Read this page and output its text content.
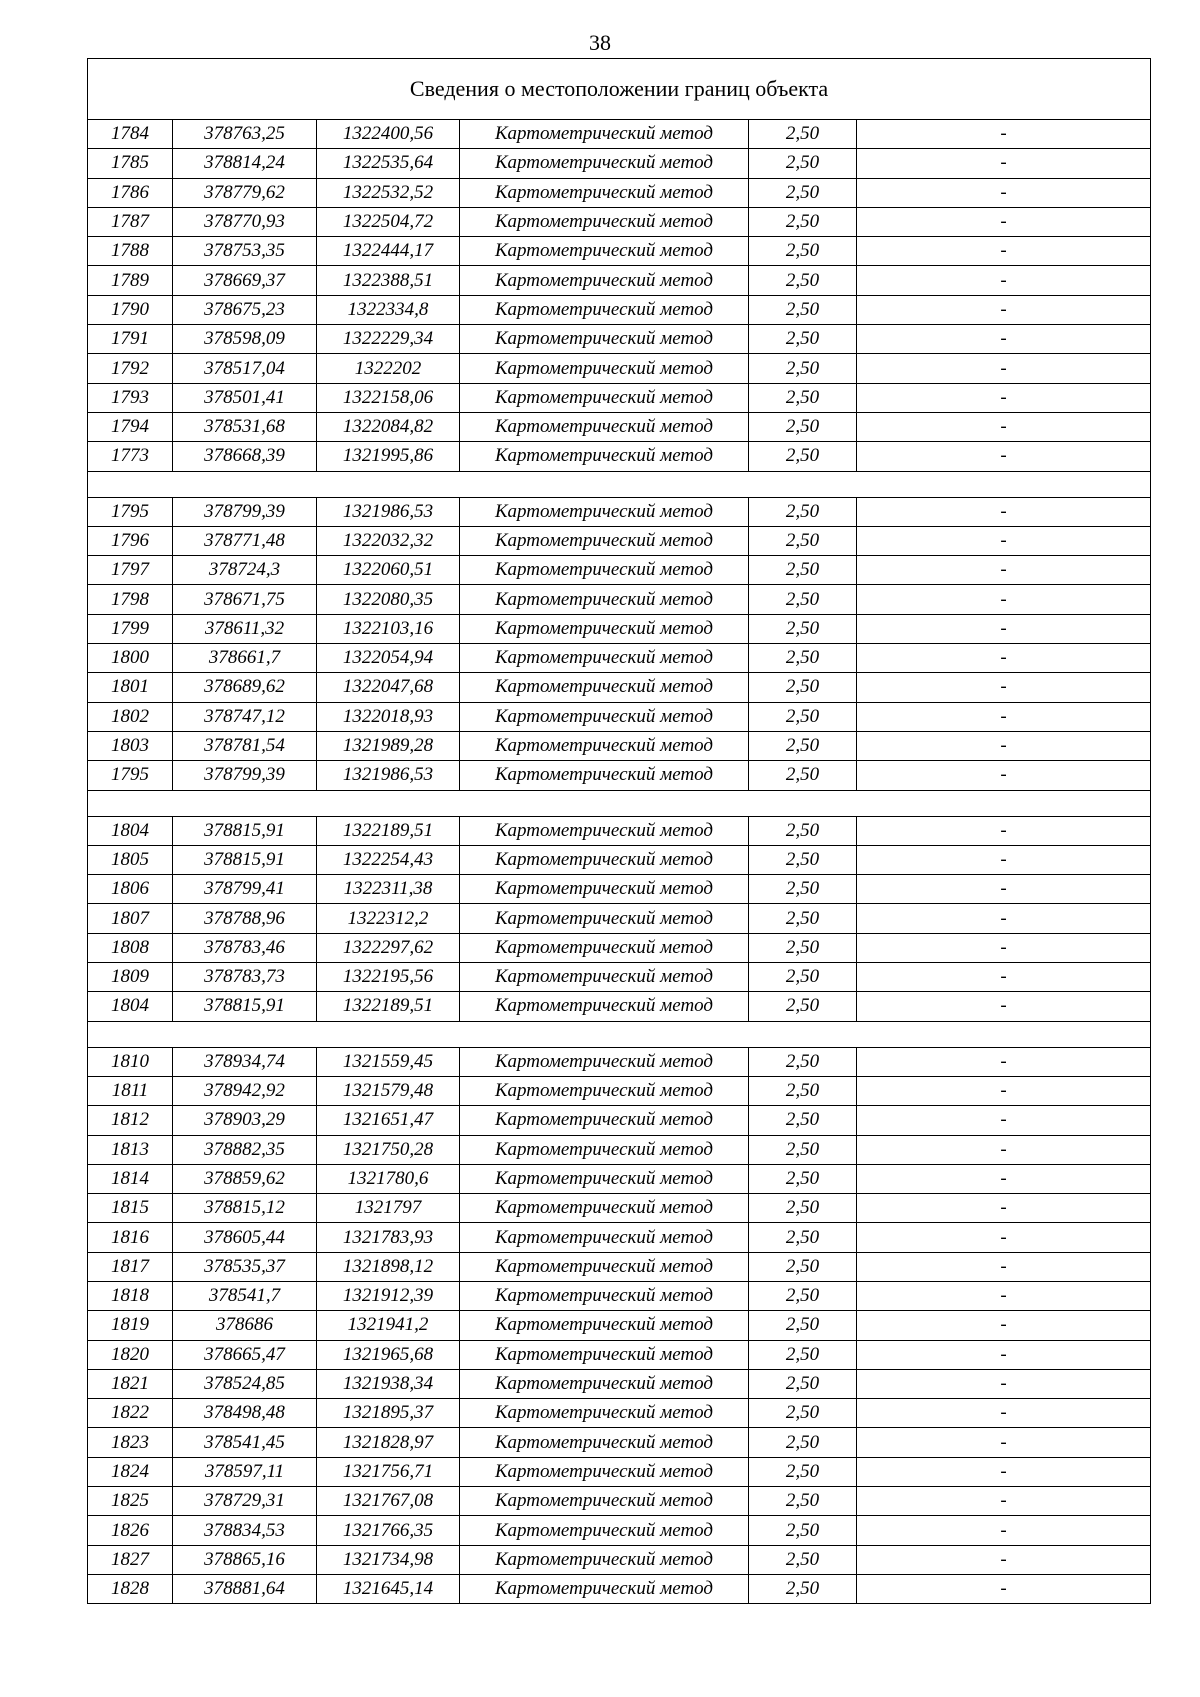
38
Сведения о местоположении границ объекта					
1784	378763,25	1322400,56	Картометрический метод	2,50	-
1785	378814,24	1322535,64	Картометрический метод	2,50	-
1786	378779,62	1322532,52	Картометрический метод	2,50	-
1787	378770,93	1322504,72	Картометрический метод	2,50	-
1788	378753,35	1322444,17	Картометрический метод	2,50	-
1789	378669,37	1322388,51	Картометрический метод	2,50	-
1790	378675,23	1322334,8	Картометрический метод	2,50	-
1791	378598,09	1322229,34	Картометрический метод	2,50	-
1792	378517,04	1322202	Картометрический метод	2,50	-
1793	378501,41	1322158,06	Картометрический метод	2,50	-
1794	378531,68	1322084,82	Картометрический метод	2,50	-
1773	378668,39	1321995,86	Картометрический метод	2,50	-

1795	378799,39	1321986,53	Картометрический метод	2,50	-
1796	378771,48	1322032,32	Картометрический метод	2,50	-
1797	378724,3	1322060,51	Картометрический метод	2,50	-
1798	378671,75	1322080,35	Картометрический метод	2,50	-
1799	378611,32	1322103,16	Картометрический метод	2,50	-
1800	378661,7	1322054,94	Картометрический метод	2,50	-
1801	378689,62	1322047,68	Картометрический метод	2,50	-
1802	378747,12	1322018,93	Картометрический метод	2,50	-
1803	378781,54	1321989,28	Картометрический метод	2,50	-
1795	378799,39	1321986,53	Картометрический метод	2,50	-

1804	378815,91	1322189,51	Картометрический метод	2,50	-
1805	378815,91	1322254,43	Картометрический метод	2,50	-
1806	378799,41	1322311,38	Картометрический метод	2,50	-
1807	378788,96	1322312,2	Картометрический метод	2,50	-
1808	378783,46	1322297,62	Картометрический метод	2,50	-
1809	378783,73	1322195,56	Картометрический метод	2,50	-
1804	378815,91	1322189,51	Картометрический метод	2,50	-

1810	378934,74	1321559,45	Картометрический метод	2,50	-
1811	378942,92	1321579,48	Картометрический метод	2,50	-
1812	378903,29	1321651,47	Картометрический метод	2,50	-
1813	378882,35	1321750,28	Картометрический метод	2,50	-
1814	378859,62	1321780,6	Картометрический метод	2,50	-
1815	378815,12	1321797	Картометрический метод	2,50	-
1816	378605,44	1321783,93	Картометрический метод	2,50	-
1817	378535,37	1321898,12	Картометрический метод	2,50	-
1818	378541,7	1321912,39	Картометрический метод	2,50	-
1819	378686	1321941,2	Картометрический метод	2,50	-
1820	378665,47	1321965,68	Картометрический метод	2,50	-
1821	378524,85	1321938,34	Картометрический метод	2,50	-
1822	378498,48	1321895,37	Картометрический метод	2,50	-
1823	378541,45	1321828,97	Картометрический метод	2,50	-
1824	378597,11	1321756,71	Картометрический метод	2,50	-
1825	378729,31	1321767,08	Картометрический метод	2,50	-
1826	378834,53	1321766,35	Картометрический метод	2,50	-
1827	378865,16	1321734,98	Картометрический метод	2,50	-
1828	378881,64	1321645,14	Картометрический метод	2,50	-
